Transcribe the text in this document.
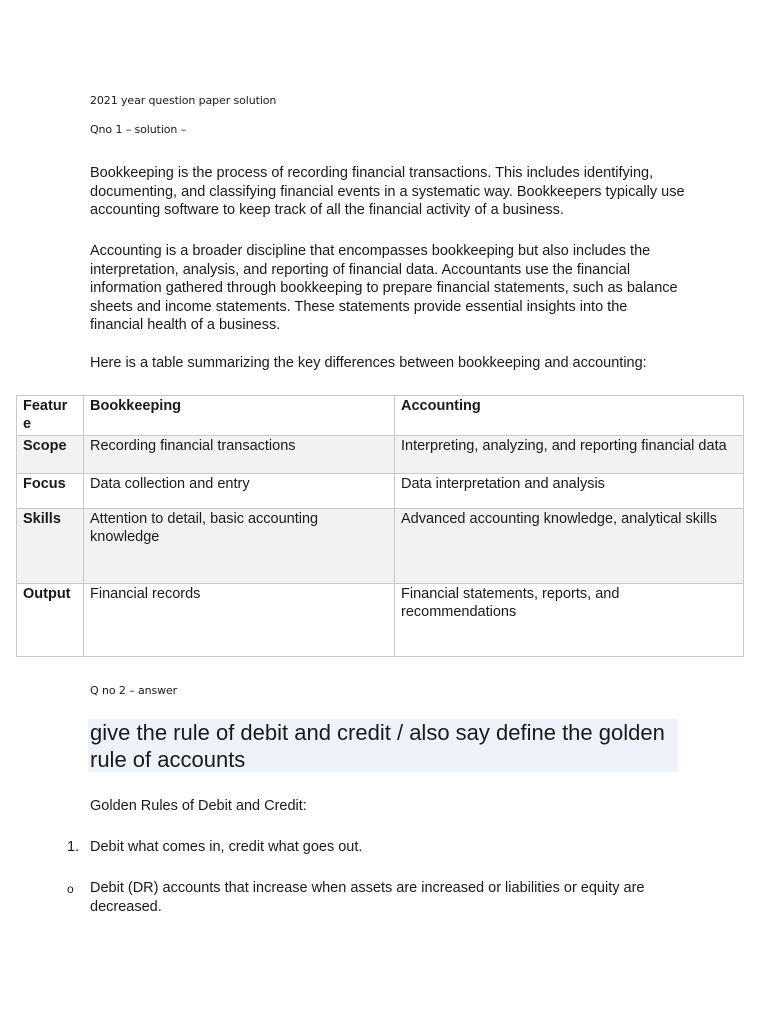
2021 year question paper solution
Qno 1 – solution –

Bookkeeping is the process of recording financial transactions. This includes identifying, documenting, and classifying financial events in a systematic way. Bookkeepers typically use accounting software to keep track of all the financial activity of a business.

Accounting is a broader discipline that encompasses bookkeeping but also includes the interpretation, analysis, and reporting of financial data. Accountants use the financial information gathered through bookkeeping to prepare financial statements, such as balance sheets and income statements. These statements provide essential insights into the financial health of a business.

Here is a table summarizing the key differences between bookkeeping and accounting:

Featur e	Bookkeeping	Accounting
Scope	Recording financial transactions	Interpreting, analyzing, and reporting financial data
Focus	Data collection and entry	Data interpretation and analysis
Skills	Attention to detail, basic accounting knowledge	Advanced accounting knowledge, analytical skills
Output	Financial records	Financial statements, reports, and recommendations
Q no 2 – answer
give the rule of debit and credit / also say define the golden rule of accounts

Golden Rules of Debit and Credit:

1. Debit what comes in, credit what goes out.

o Debit (DR) accounts that increase when assets are increased or liabilities or equity are decreased.
